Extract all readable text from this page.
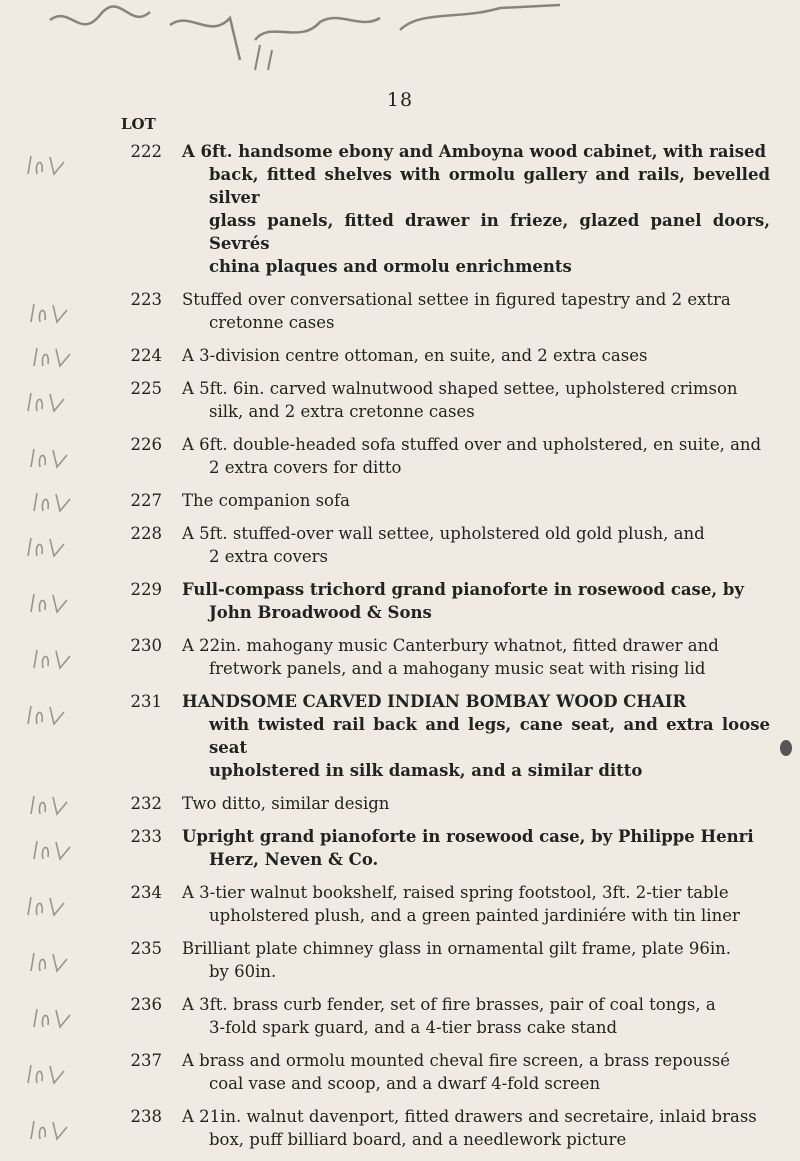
18
LOT
222 A 6ft. handsome ebony and Amboyna wood cabinet, with raised
back, fitted shelves with ormolu gallery and rails, bevelled silver
glass panels, fitted drawer in frieze, glazed panel doors, Sevrés
china plaques and ormolu enrichments
223 Stuffed over conversational settee in figured tapestry and 2 extra
cretonne cases
224 A 3-division centre ottoman, en suite, and 2 extra cases
225 A 5ft. 6in. carved walnutwood shaped settee, upholstered crimson
silk, and 2 extra cretonne cases
226 A 6ft. double-headed sofa stuffed over and upholstered, en suite, and
2 extra covers for ditto
227 The companion sofa
228 A 5ft. stuffed-over wall settee, upholstered old gold plush, and
2 extra covers
229 Full-compass trichord grand pianoforte in rosewood case, by
John Broadwood & Sons
230 A 22in. mahogany music Canterbury whatnot, fitted drawer and
fretwork panels, and a mahogany music seat with rising lid
231 HANDSOME CARVED INDIAN BOMBAY WOOD CHAIR
with twisted rail back and legs, cane seat, and extra loose seat
upholstered in silk damask, and a similar ditto
232 Two ditto, similar design
233 Upright grand pianoforte in rosewood case, by Philippe Henri
Herz, Neven & Co.
234 A 3-tier walnut bookshelf, raised spring footstool, 3ft. 2-tier table
upholstered plush, and a green painted jardiniére with tin liner
235 Brilliant plate chimney glass in ornamental gilt frame, plate 96in.
by 60in.
236 A 3ft. brass curb fender, set of fire brasses, pair of coal tongs, a
3-fold spark guard, and a 4-tier brass cake stand
237 A brass and ormolu mounted cheval fire screen, a brass repoussé
coal vase and scoop, and a dwarf 4-fold screen
238 A 21in. walnut davenport, fitted drawers and secretaire, inlaid brass
box, puff billiard board, and a needlework picture
